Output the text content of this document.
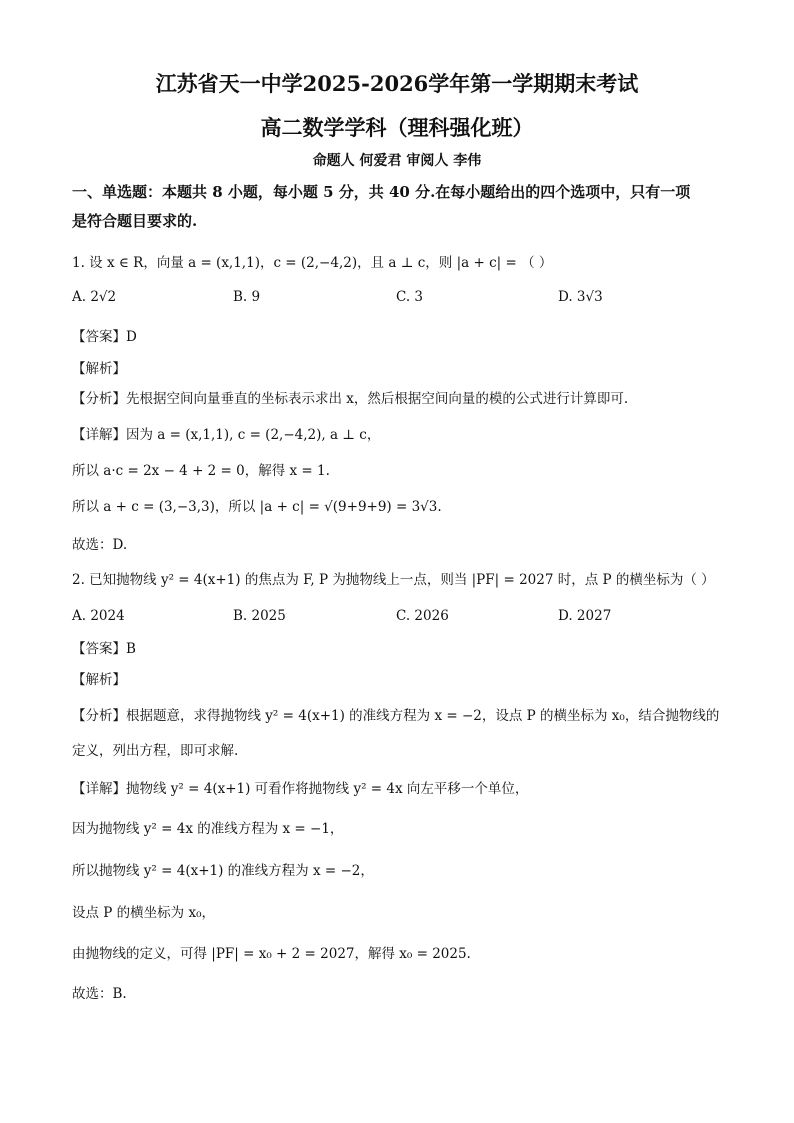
江苏省天一中学2025-2026学年第一学期期末考试
高二数学学科（理科强化班）
命题人 何爱君 审阅人 李伟
一、单选题：本题共 8 小题，每小题 5 分，共 40 分.在每小题给出的四个选项中，只有一项
是符合题目要求的.
1. 设 x ∈ R，向量 a = (x,1,1)，c = (2,−4,2)，且 a ⊥ c，则 |a + c| = （ ）
A. 2√2	B. 9	C. 3	D. 3√3
【答案】D
【解析】
【分析】先根据空间向量垂直的坐标表示求出 x，然后根据空间向量的模的公式进行计算即可.
【详解】因为 a = (x,1,1), c = (2,−4,2), a ⊥ c，
所以 a·c = 2x − 4 + 2 = 0，解得 x = 1.
所以 a + c = (3,−3,3)，所以 |a + c| = √(9+9+9) = 3√3.
故选：D.
2. 已知抛物线 y² = 4(x+1) 的焦点为 F, P 为抛物线上一点，则当 |PF| = 2027 时，点 P 的横坐标为（ ）
A. 2024	B. 2025	C. 2026	D. 2027
【答案】B
【解析】
【分析】根据题意，求得抛物线 y² = 4(x+1) 的准线方程为 x = −2，设点 P 的横坐标为 x₀，结合抛物线的
定义，列出方程，即可求解.
【详解】抛物线 y² = 4(x+1) 可看作将抛物线 y² = 4x 向左平移一个单位，
因为抛物线 y² = 4x 的准线方程为 x = −1，
所以抛物线 y² = 4(x+1) 的准线方程为 x = −2，
设点 P 的横坐标为 x₀，
由抛物线的定义，可得 |PF| = x₀ + 2 = 2027，解得 x₀ = 2025.
故选：B.
